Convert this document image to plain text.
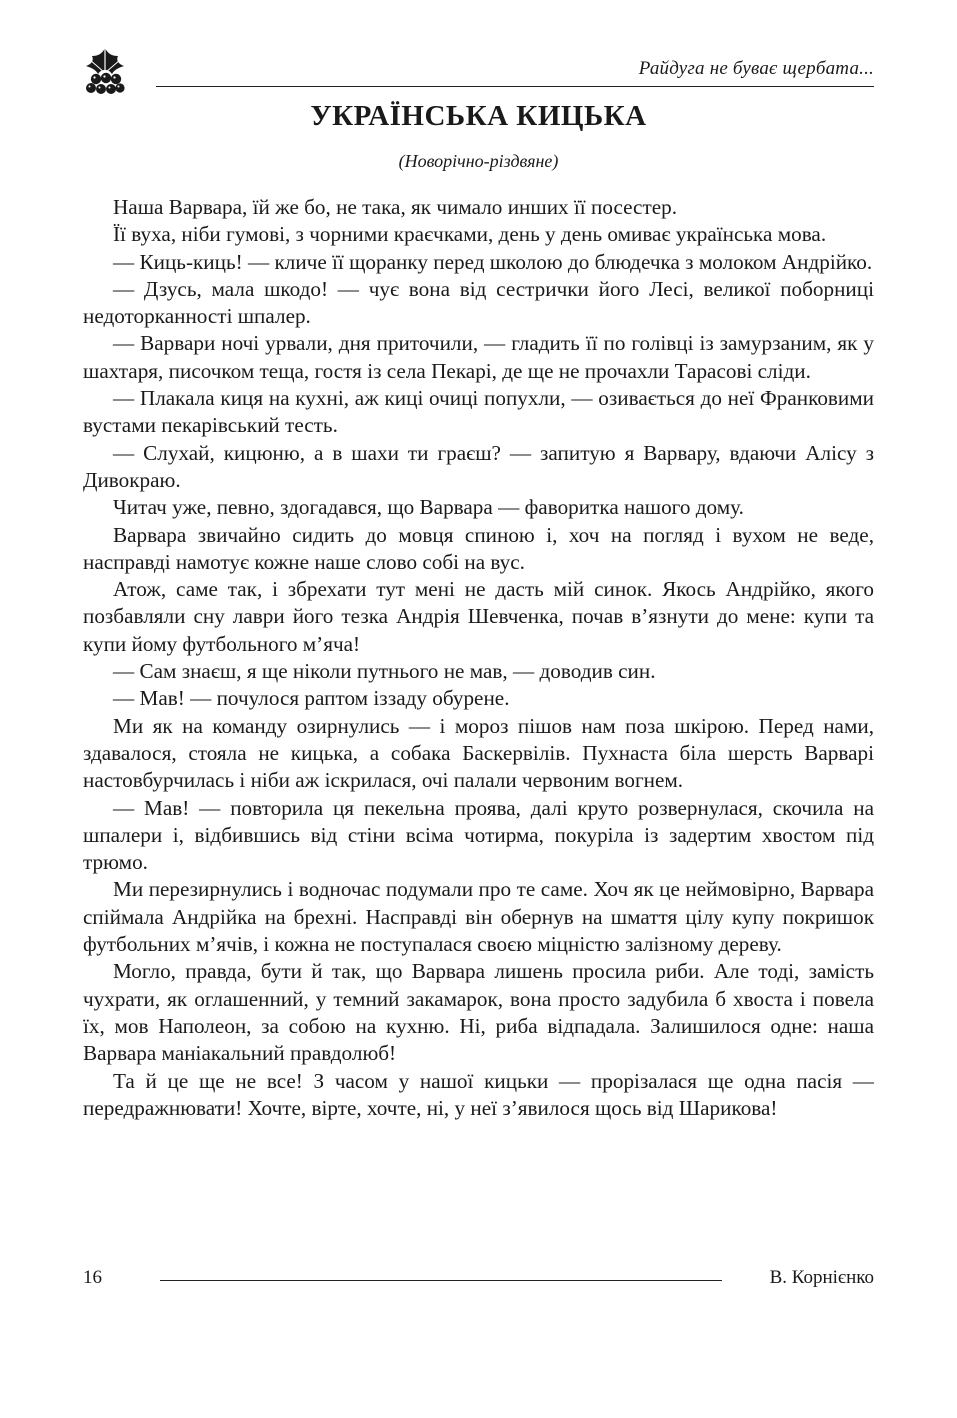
Райдуга не буває щербата...
УКРАЇНСЬКА КИЦЬКА
(Новорічно-різдвяне)

Наша Варвара, їй же бо, не така, як чимало инших її посестер.

Її вуха, ніби гумові, з чорними краєчками, день у день омиває українська мова.

— Киць-киць! — кличе її щоранку перед школою до блюдечка з молоком Андрійко.

— Дзусь, мала шкодо! — чує вона від сестрички його Лесі, великої поборниці недоторканності шпалер.

— Варвари ночі урвали, дня приточили, — гладить її по голівці із замурзаним, як у шахтаря, писочком теща, гостя із села Пекарі, де ще не прочахли Тарасові сліди.

— Плакала киця на кухні, аж киці очиці попухли, — озивається до неї Франковими вустами пекарівський тесть.

— Слухай, кицюню, а в шахи ти граєш? — запитую я Варвару, вдаючи Алісу з Дивокраю.

Читач уже, певно, здогадався, що Варвара — фаворитка нашого дому.

Варвара звичайно сидить до мовця спиною і, хоч на погляд і вухом не веде, насправді намотує кожне наше слово собі на вус.

Атож, саме так, і збрехати тут мені не дасть мій синок. Якось Андрійко, якого позбавляли сну лаври його тезка Андрія Шевченка, почав в’язнути до мене: купи та купи йому футбольного м’яча!

— Сам знаєш, я ще ніколи путнього не мав, — доводив син.

— Мав! — почулося раптом іззаду обурене.

Ми як на команду озирнулись — і мороз пішов нам поза шкірою. Перед нами, здавалося, стояла не кицька, а собака Баскервілів. Пухнаста біла шерсть Варварі настовбурчилась і ніби аж іскрилася, очі палали червоним вогнем.

— Мав! — повторила ця пекельна проява, далі круто розвернулася, скочила на шпалери і, відбившись від стіни всіма чотирма, покуріла із задертим хвостом під трюмо.

Ми перезирнулись і водночас подумали про те саме. Хоч як це неймовірно, Варвара спіймала Андрійка на брехні. Насправді він обернув на шмаття цілу купу покришок футбольних м’ячів, і кожна не поступалася своєю міцністю залізному дереву.

Могло, правда, бути й так, що Варвара лишень просила риби. Але тоді, замість чухрати, як оглашенний, у темний закамарок, вона просто задубила б хвоста і повела їх, мов Наполеон, за собою на кухню. Ні, риба відпадала. Залишилося одне: наша Варвара маніакальний правдолюб!

Та й це ще не все! З часом у нашої кицьки — прорізалася ще одна пасія — передражнювати! Хочте, вірте, хочте, ні, у неї з’явилося щось від Шарикова!

16	В. Корнієнко
